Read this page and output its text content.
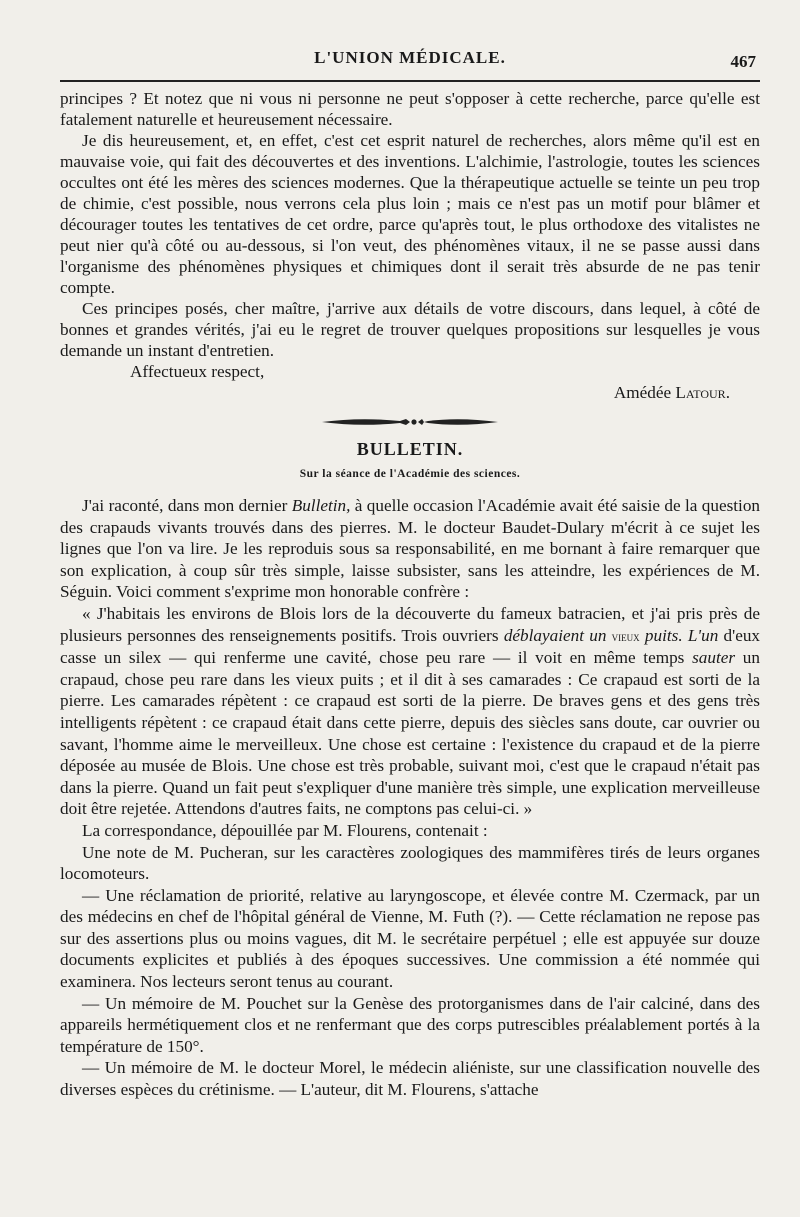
L'UNION MÉDICALE.	467

principes ? Et notez que ni vous ni personne ne peut s'opposer à cette recherche, parce qu'elle est fatalement naturelle et heureusement nécessaire.

Je dis heureusement, et, en effet, c'est cet esprit naturel de recherches, alors même qu'il est en mauvaise voie, qui fait des découvertes et des inventions. L'alchimie, l'astrologie, toutes les sciences occultes ont été les mères des sciences modernes. Que la thérapeutique actuelle se teinte un peu trop de chimie, c'est possible, nous verrons cela plus loin ; mais ce n'est pas un motif pour blâmer et décourager toutes les tentatives de cet ordre, parce qu'après tout, le plus orthodoxe des vitalistes ne peut nier qu'à côté ou au-dessous, si l'on veut, des phénomènes vitaux, il ne se passe aussi dans l'organisme des phénomènes physiques et chimiques dont il serait très absurde de ne pas tenir compte.

Ces principes posés, cher maître, j'arrive aux détails de votre discours, dans lequel, à côté de bonnes et grandes vérités, j'ai eu le regret de trouver quelques propositions sur lesquelles je vous demande un instant d'entretien.

Affectueux respect,

Amédée Latour.

BULLETIN.
Sur la séance de l'Académie des sciences.

J'ai raconté, dans mon dernier Bulletin, à quelle occasion l'Académie avait été saisie de la question des crapauds vivants trouvés dans des pierres. M. le docteur Baudet-Dulary m'écrit à ce sujet les lignes que l'on va lire. Je les reproduis sous sa responsabilité, en me bornant à faire remarquer que son explication, à coup sûr très simple, laisse subsister, sans les atteindre, les expériences de M. Séguin. Voici comment s'exprime mon honorable confrère :

« J'habitais les environs de Blois lors de la découverte du fameux batracien, et j'ai pris près de plusieurs personnes des renseignements positifs. Trois ouvriers déblayaient un vieux puits. L'un d'eux casse un silex — qui renferme une cavité, chose peu rare — il voit en même temps sauter un crapaud, chose peu rare dans les vieux puits ; et il dit à ses camarades : Ce crapaud est sorti de la pierre. Les camarades répètent : ce crapaud est sorti de la pierre. De braves gens et des gens très intelligents répètent : ce crapaud était dans cette pierre, depuis des siècles sans doute, car ouvrier ou savant, l'homme aime le merveilleux. Une chose est certaine : l'existence du crapaud et de la pierre déposée au musée de Blois. Une chose est très probable, suivant moi, c'est que le crapaud n'était pas dans la pierre. Quand un fait peut s'expliquer d'une manière très simple, une explication merveilleuse doit être rejetée. Attendons d'autres faits, ne comptons pas celui-ci. »

La correspondance, dépouillée par M. Flourens, contenait :

Une note de M. Pucheran, sur les caractères zoologiques des mammifères tirés de leurs organes locomoteurs.

— Une réclamation de priorité, relative au laryngoscope, et élevée contre M. Czermack, par un des médecins en chef de l'hôpital général de Vienne, M. Futh (?). — Cette réclamation ne repose pas sur des assertions plus ou moins vagues, dit M. le secrétaire perpétuel ; elle est appuyée sur douze documents explicites et publiés à des époques successives. Une commission a été nommée qui examinera. Nos lecteurs seront tenus au courant.

— Un mémoire de M. Pouchet sur la Genèse des protorganismes dans de l'air calciné, dans des appareils hermétiquement clos et ne renfermant que des corps putrescibles préalablement portés à la température de 150°.

— Un mémoire de M. le docteur Morel, le médecin aliéniste, sur une classification nouvelle des diverses espèces du crétinisme. — L'auteur, dit M. Flourens, s'attache
